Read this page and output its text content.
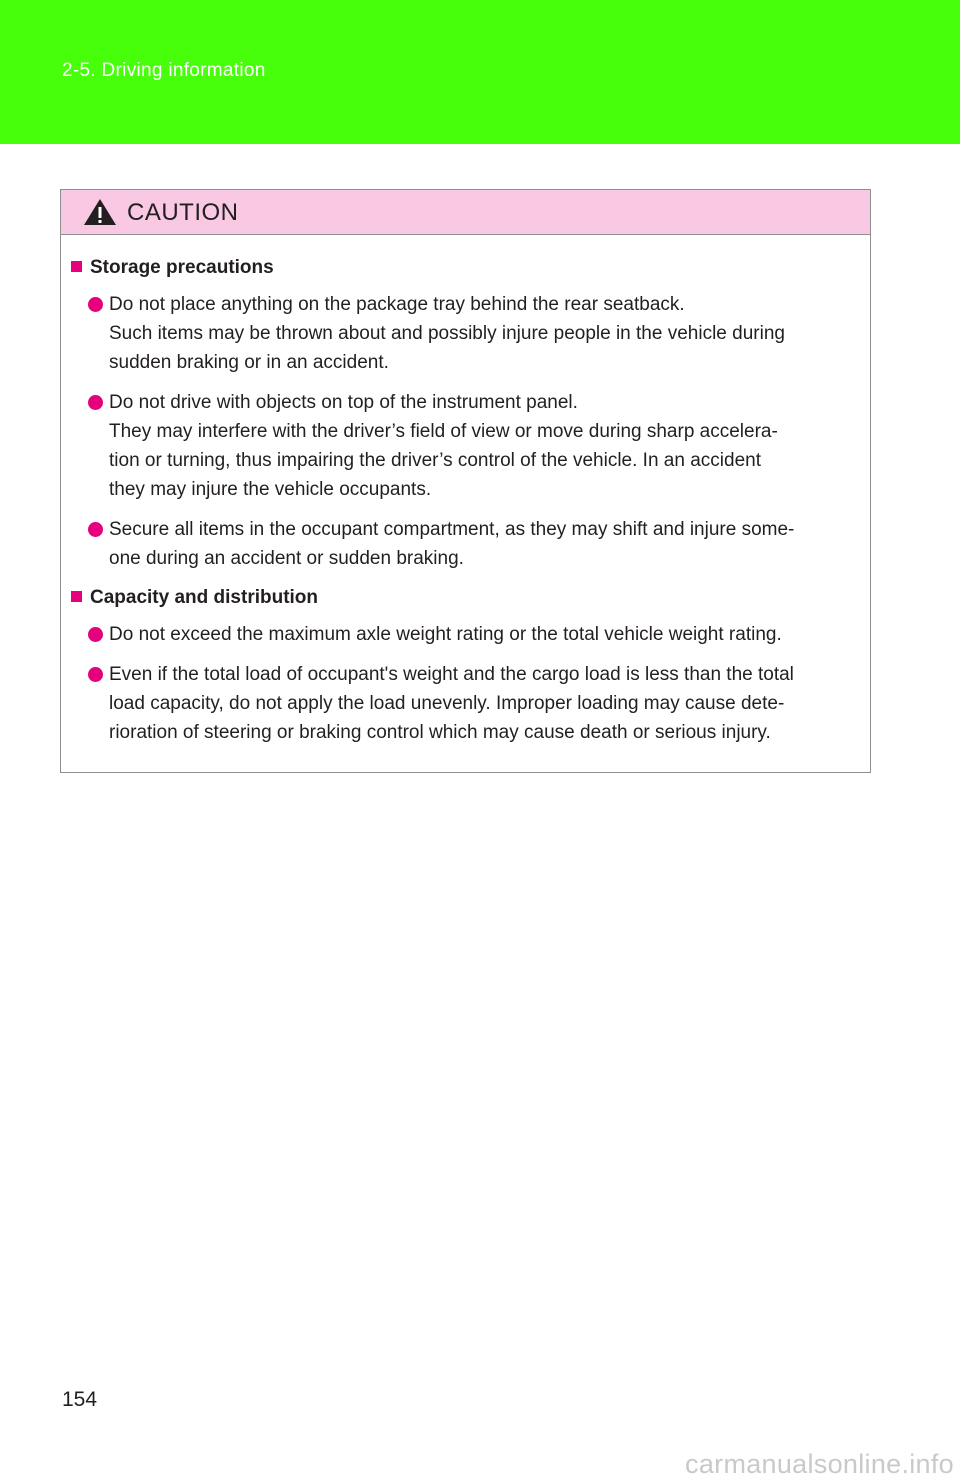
2-5. Driving information
CAUTION
Storage precautions
Do not place anything on the package tray behind the rear seatback.
Such items may be thrown about and possibly injure people in the vehicle during
sudden braking or in an accident.
Do not drive with objects on top of the instrument panel.
They may interfere with the driver’s field of view or move during sharp accelera-
tion or turning, thus impairing the driver’s control of the vehicle. In an accident
they may injure the vehicle occupants.
Secure all items in the occupant compartment, as they may shift and injure some-
one during an accident or sudden braking.
Capacity and distribution
Do not exceed the maximum axle weight rating or the total vehicle weight rating.
Even if the total load of occupant's weight and the cargo load is less than the total
load capacity, do not apply the load unevenly. Improper loading may cause dete-
rioration of steering or braking control which may cause death or serious injury.
154
carmanualsonline.info
